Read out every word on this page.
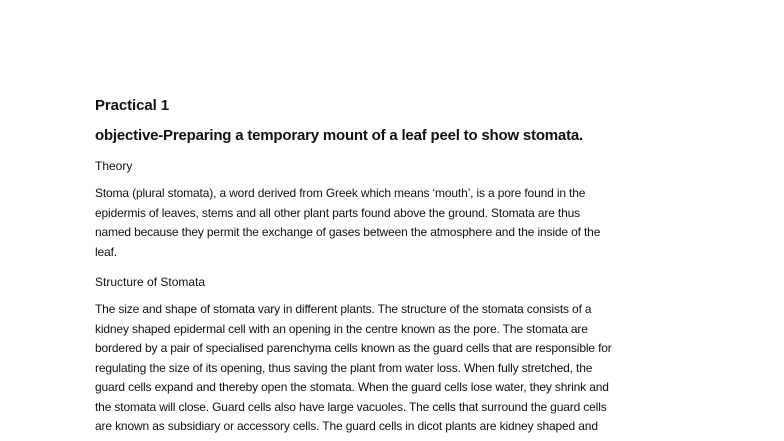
Practical 1
objective-Preparing a temporary mount of a leaf peel to show stomata.
Theory
Stoma (plural stomata), a word derived from Greek which means ‘mouth’, is a pore found in the
epidermis of leaves, stems and all other plant parts found above the ground. Stomata are thus
named because they permit the exchange of gases between the atmosphere and the inside of the
leaf.
Structure of Stomata
The size and shape of stomata vary in different plants. The structure of the stomata consists of a
kidney shaped epidermal cell with an opening in the centre known as the pore. The stomata are
bordered by a pair of specialised parenchyma cells known as the guard cells that are responsible for
regulating the size of its opening, thus saving the plant from water loss. When fully stretched, the
guard cells expand and thereby open the stomata. When the guard cells lose water, they shrink and
the stomata will close. Guard cells also have large vacuoles. The cells that surround the guard cells
are known as subsidiary or accessory cells. The guard cells in dicot plants are kidney shaped and
